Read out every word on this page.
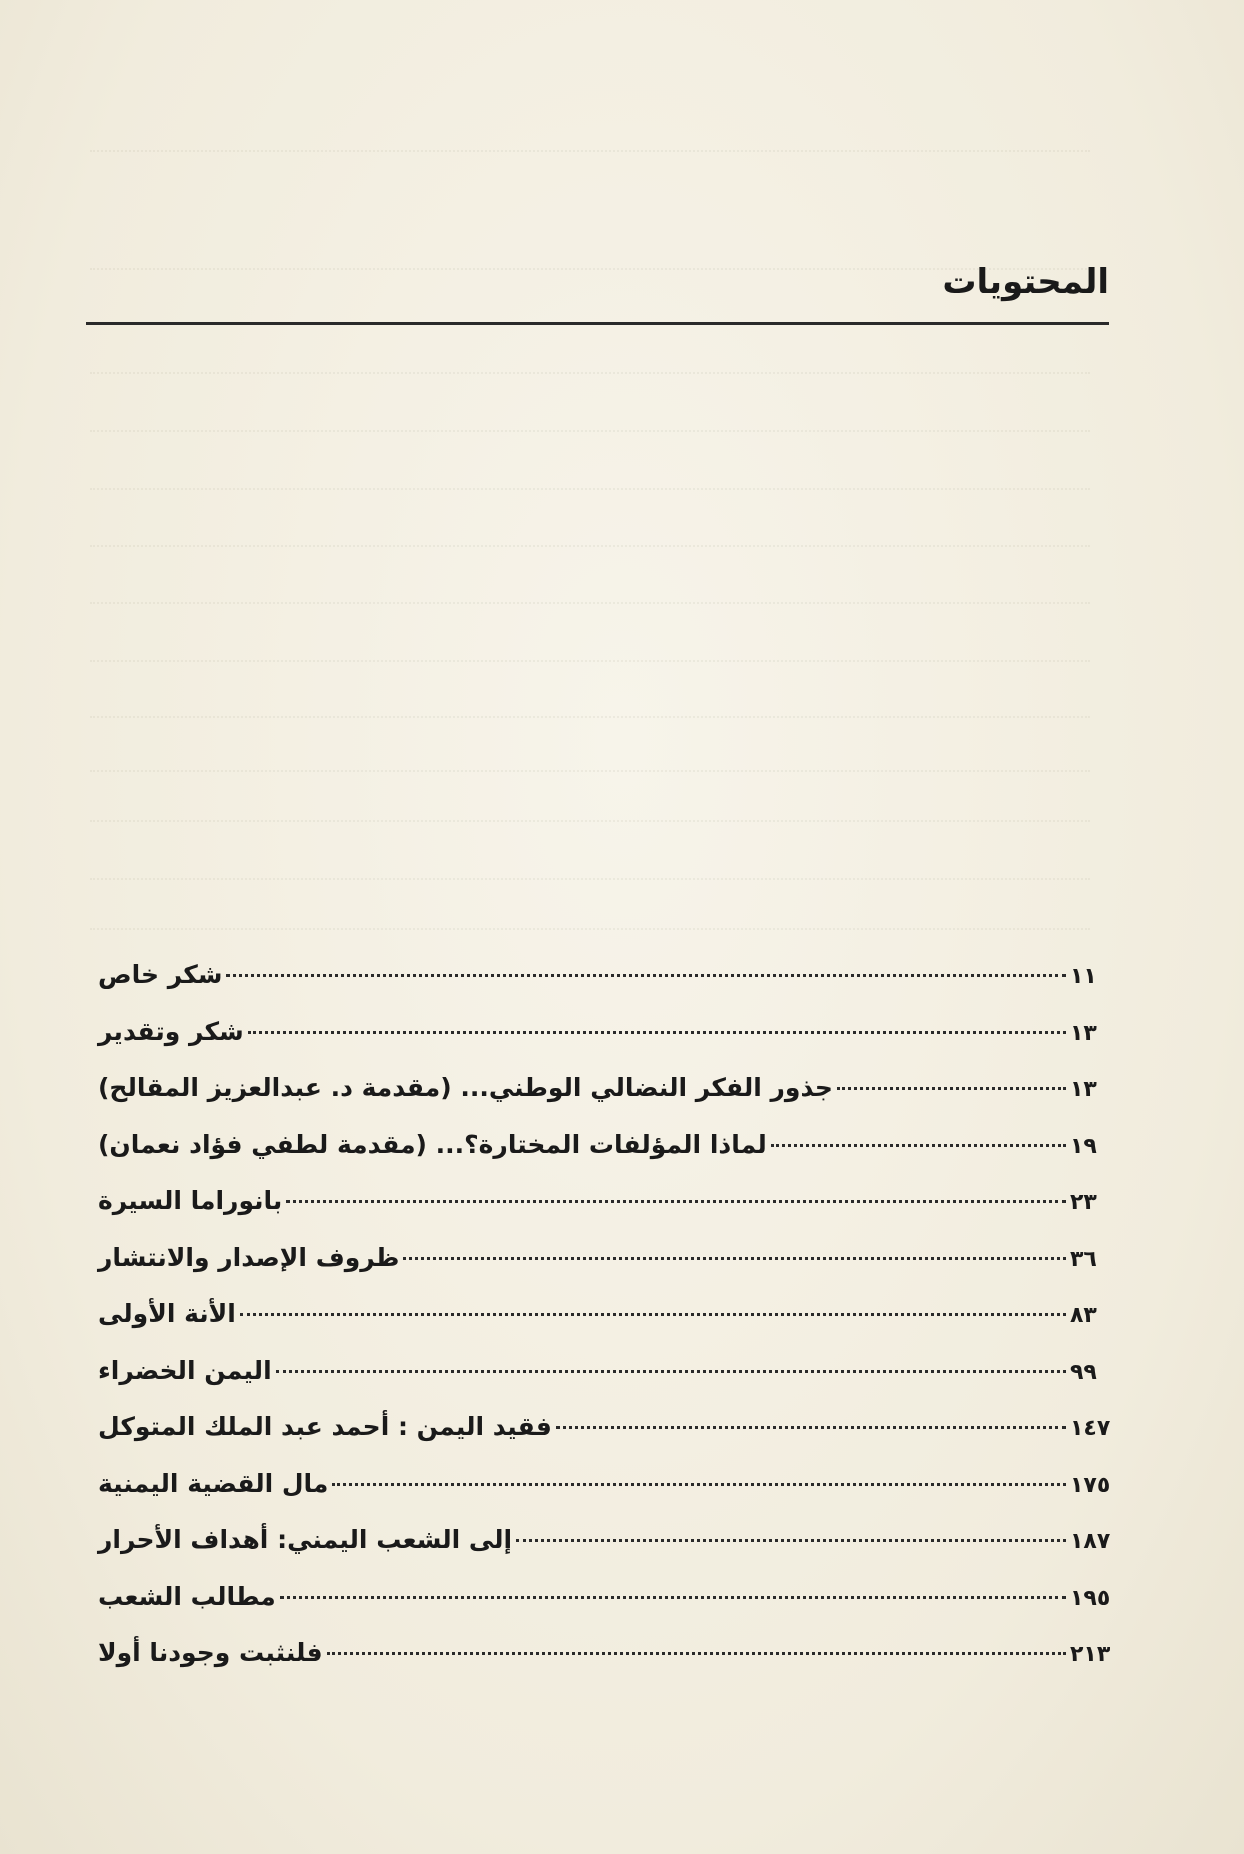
المحتويات
شكر خاص	١١
شكر وتقدير	١٣
جذور الفكر النضالي الوطني... (مقدمة د. عبدالعزيز المقالح)	١٣
لماذا المؤلفات المختارة؟... (مقدمة لطفي فؤاد نعمان)	١٩
بانوراما السيرة	٢٣
ظروف الإصدار والانتشار	٣٦
الأنة الأولى	٨٣
اليمن الخضراء	٩٩
فقيد اليمن : أحمد عبد الملك المتوكل	١٤٧
مال القضية اليمنية	١٧٥
إلى الشعب اليمني: أهداف الأحرار	١٨٧
مطالب الشعب	١٩٥
فلنثبت وجودنا أولا	٢١٣
